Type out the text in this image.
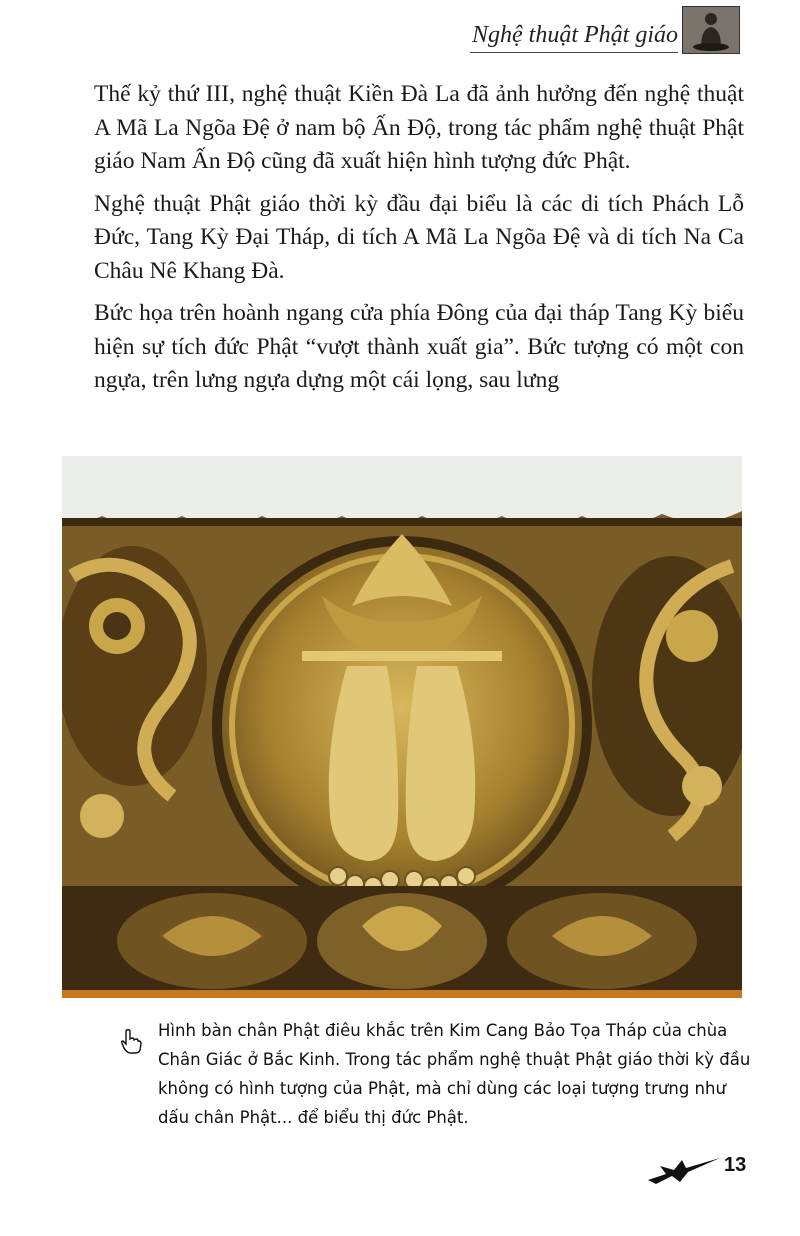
Nghệ thuật Phật giáo

Thế kỷ thứ III, nghệ thuật Kiền Đà La đã ảnh hưởng đến nghệ thuật A Mã La Ngõa Đệ ở nam bộ Ấn Độ, trong tác phẩm nghệ thuật Phật giáo Nam Ấn Độ cũng đã xuất hiện hình tượng đức Phật.

Nghệ thuật Phật giáo thời kỳ đầu đại biểu là các di tích Phách Lỗ Đức, Tang Kỳ Đại Tháp, di tích A Mã La Ngõa Đệ và di tích Na Ca Châu Nê Khang Đà.

Bức họa trên hoành ngang cửa phía Đông của đại tháp Tang Kỳ biểu hiện sự tích đức Phật “vượt thành xuất gia”. Bức tượng có một con ngựa, trên lưng ngựa dựng một cái lọng, sau lưng

Hình bàn chân Phật điêu khắc trên Kim Cang Bảo Tọa Tháp của chùa Chân Giác ở Bắc Kinh. Trong tác phẩm nghệ thuật Phật giáo thời kỳ đầu không có hình tượng của Phật, mà chỉ dùng các loại tượng trưng như dấu chân Phật... để biểu thị đức Phật.
13
